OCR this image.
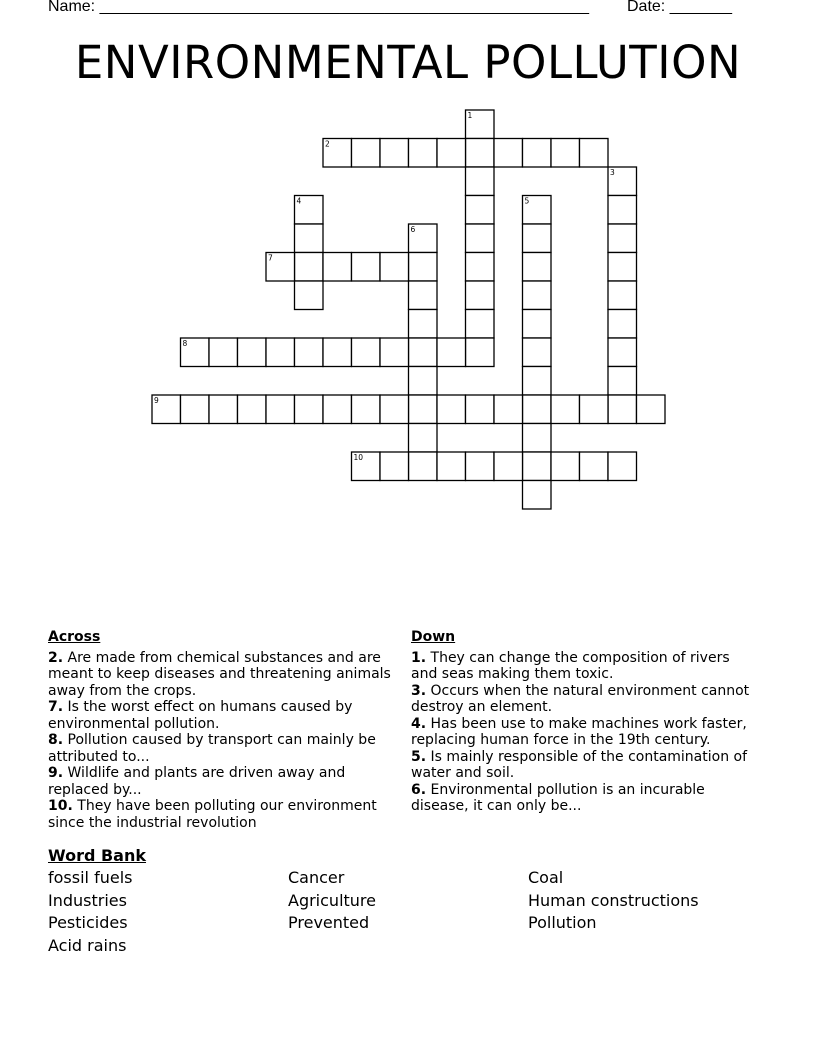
Name: _______________________________________________________ Date: _______
ENVIRONMENTAL POLLUTION
1
2
3
4	5
6
7
8
9
10
Across
2. Are made from chemical substances and are meant to keep diseases and threatening animals away from the crops.
7. Is the worst effect on humans caused by environmental pollution.
8. Pollution caused by transport can mainly be attributed to...
9. Wildlife and plants are driven away and replaced by...
10. They have been polluting our environment since the industrial revolution
Down
1. They can change the composition of rivers and seas making them toxic.
3. Occurs when the natural environment cannot destroy an element.
4. Has been use to make machines work faster, replacing human force in the 19th century.
5. Is mainly responsible of the contamination of water and soil.
6. Environmental pollution is an incurable disease, it can only be...
Word Bank
fossil fuels	Cancer	Coal
Industries	Agriculture	Human constructions
Pesticides	Prevented	Pollution
Acid rains
